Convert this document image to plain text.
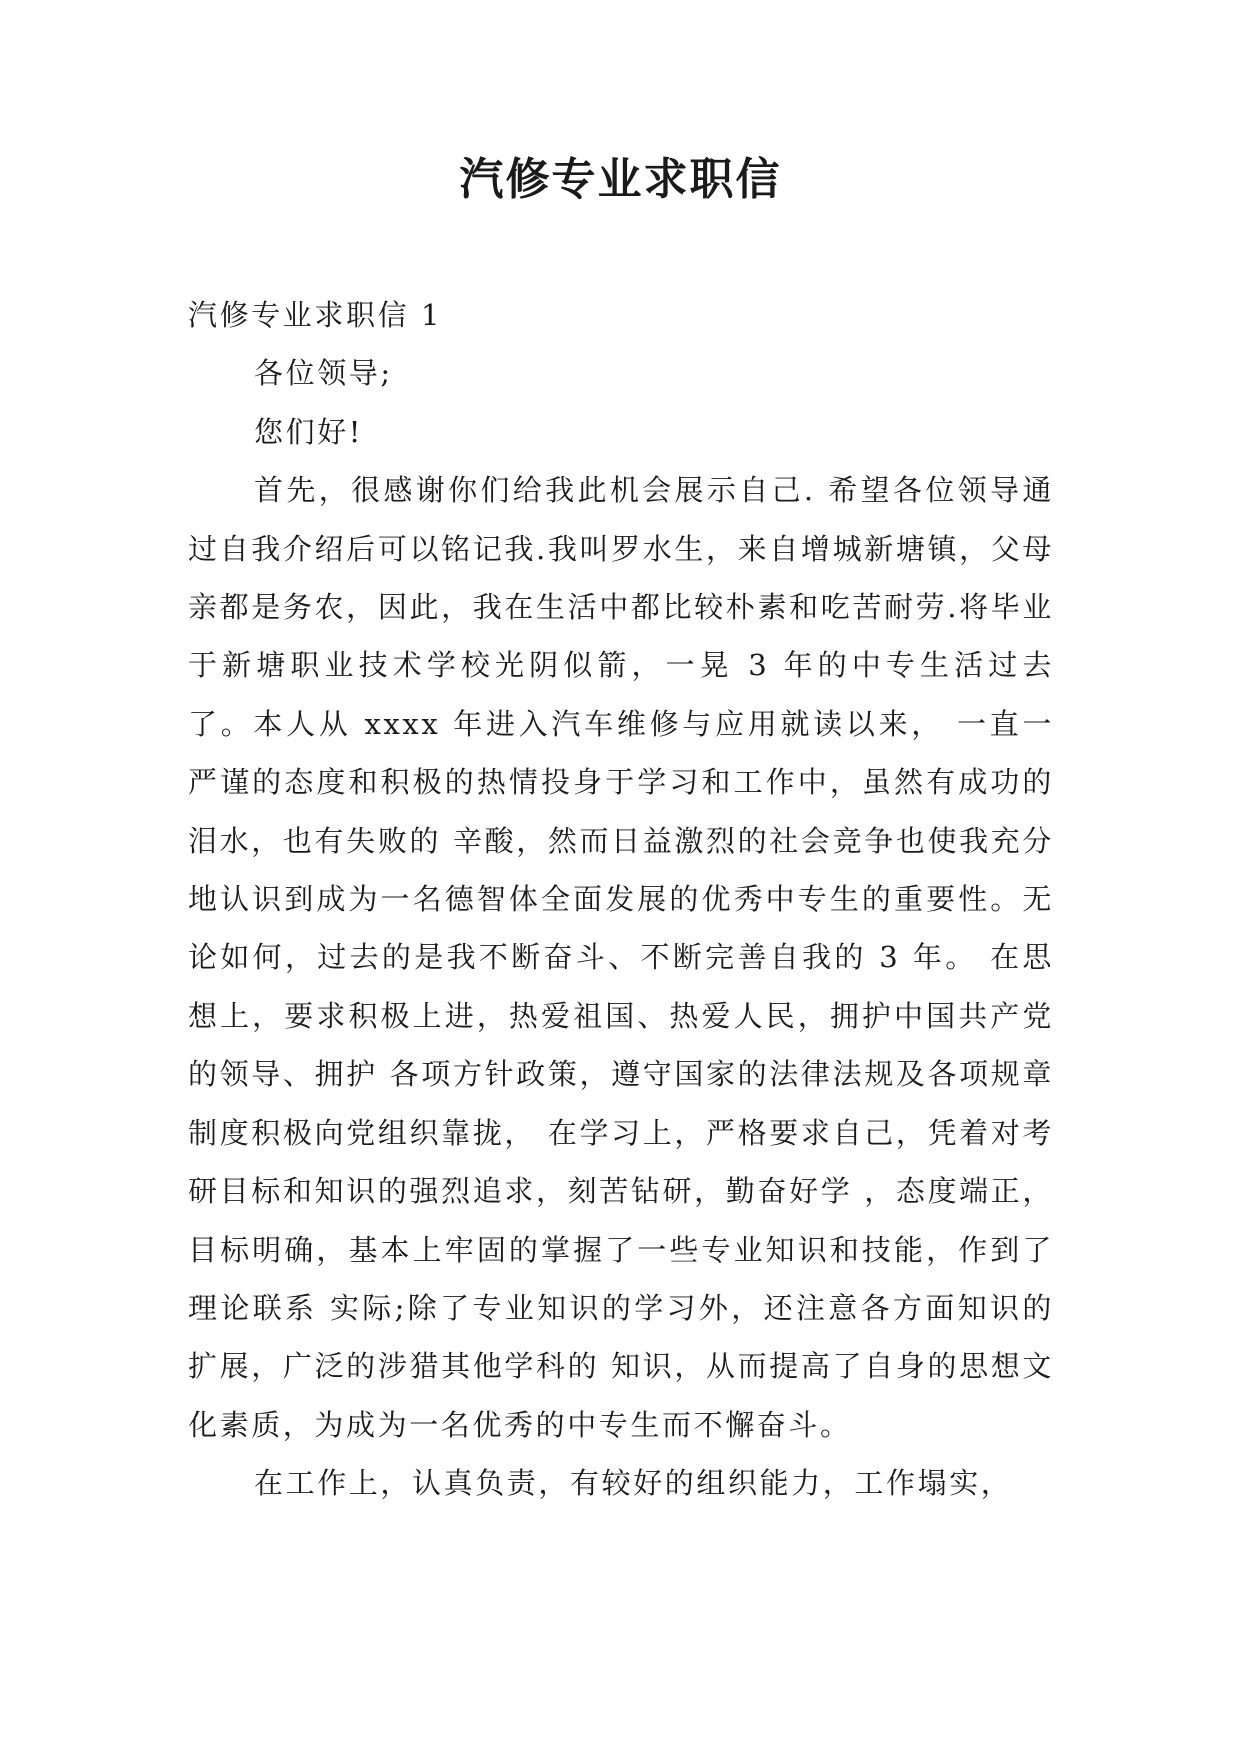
汽修专业求职信

汽修专业求职信 1

各位领导;

您们好!

首先，很感谢你们给我此机会展示自己. 希望各位领导通过自我介绍后可以铭记我.我叫罗水生，来自增城新塘镇，父母亲都是务农，因此，我在生活中都比较朴素和吃苦耐劳.将毕业于新塘职业技术学校光阴似箭，一晃 3 年的中专生活过去了。本人从 xxxx 年进入汽车维修与应用就读以来， 一直一严谨的态度和积极的热情投身于学习和工作中，虽然有成功的泪水，也有失败的 辛酸，然而日益激烈的社会竞争也使我充分地认识到成为一名德智体全面发展的优秀中专生的重要性。无论如何，过去的是我不断奋斗、不断完善自我的 3 年。 在思想上，要求积极上进，热爱祖国、热爱人民，拥护中国共产党的领导、拥护 各项方针政策，遵守国家的法律法规及各项规章制度积极向党组织靠拢， 在学习上，严格要求自己，凭着对考研目标和知识的强烈追求，刻苦钻研，勤奋好学 ，态度端正，目标明确，基本上牢固的掌握了一些专业知识和技能，作到了理论联系 实际;除了专业知识的学习外，还注意各方面知识的扩展，广泛的涉猎其他学科的 知识，从而提高了自身的思想文化素质，为成为一名优秀的中专生而不懈奋斗。

在工作上，认真负责，有较好的组织能力，工作塌实，
